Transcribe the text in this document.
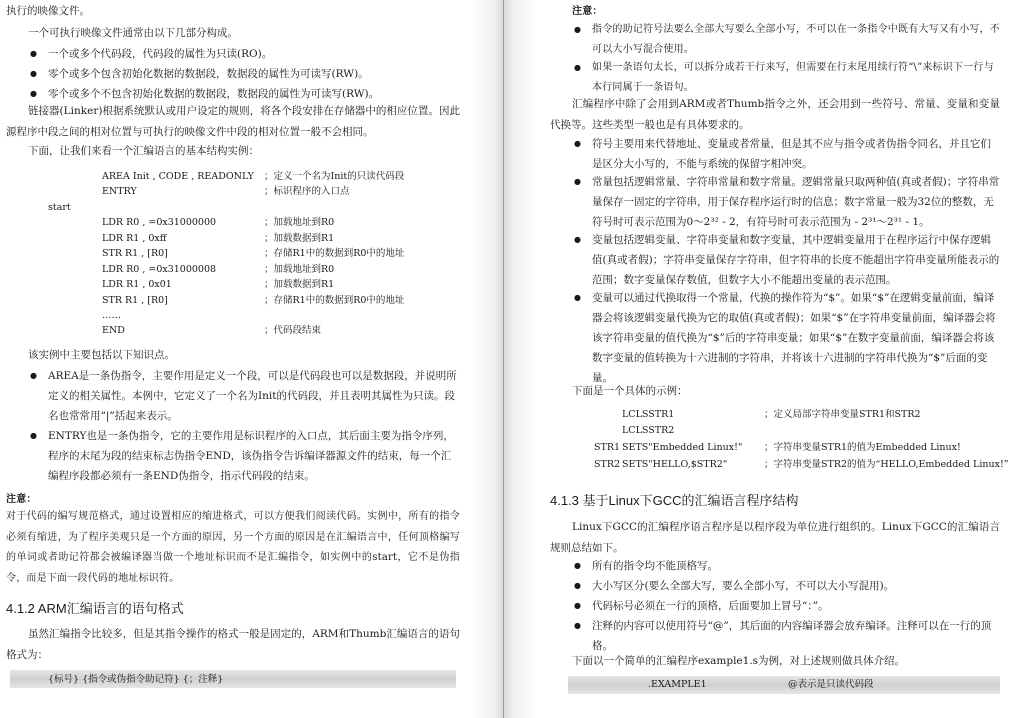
执行的映像文件。
一个可执行映像文件通常由以下几部分构成。
● 一个或多个代码段，代码段的属性为只读(RO)。
● 零个或多个包含初始化数据的数据段，数据段的属性为可读写(RW)。
● 零个或多个不包含初始化数据的数据段，数据段的属性为可读写(RW)。
链接器(Linker)根据系统默认或用户设定的规则，将各个段安排在存储器中的相应位置。因此源程序中段之间的相对位置与可执行的映像文件中段的相对位置一般不会相同。
下面，让我们来看一个汇编语言的基本结构实例：
AREA Init , CODE , READONLY ；定义一个名为Init的只读代码段
ENTRY	；标识程序的入口点
start
LDR R0 , =0x31000000	；加载地址到R0
LDR R1 , 0xff	；加载数据到R1
STR R1 , [R0]	；存储R1中的数据到R0中的地址
LDR R0 , =0x31000008	；加载地址到R0
LDR R1 , 0x01	；加载数据到R1
STR R1 , [R0]	；存储R1中的数据到R0中的地址
……
END	；代码段结束
该实例中主要包括以下知识点。
● AREA是一条伪指令，主要作用是定义一个段，可以是代码段也可以是数据段，并说明所定义的相关属性。本例中，它定义了一个名为Init的代码段，并且表明其属性为只读。段名也常常用“|”括起来表示。
● ENTRY也是一条伪指令，它的主要作用是标识程序的入口点，其后面主要为指令序列，程序的末尾为段的结束标志伪指令END，该伪指令告诉编译器源文件的结束，每一个汇编程序段都必须有一条END伪指令，指示代码段的结束。
注意：
对于代码的编写规范格式，通过设置相应的缩进格式，可以方便我们阅读代码。实例中，所有的指令必须有缩进，为了程序美观只是一个方面的原因，另一个方面的原因是在汇编语言中，任何顶格编写的单词或者助记符都会被编译器当做一个地址标识而不是汇编指令，如实例中的start，它不是伪指令，而是下面一段代码的地址标识符。
4.1.2 ARM汇编语言的语句格式
虽然汇编指令比较多，但是其指令操作的格式一般是固定的，ARM和Thumb汇编语言的语句格式为：
{标号} {指令或伪指令助记符} {；注释}
注意：
● 指令的助记符号法要么全部大写要么全部小写，不可以在一条指令中既有大写又有小写，不可以大小写混合使用。
● 如果一条语句太长，可以拆分成若干行来写，但需要在行末尾用续行符“\”来标识下一行与本行同属于一条语句。
汇编程序中除了会用到ARM或者Thumb指令之外，还会用到一些符号、常量、变量和变量代换等。这些类型一般也是有具体要求的。
● 符号主要用来代替地址、变量或者常量，但是其不应与指令或者伪指令同名，并且它们是区分大小写的，不能与系统的保留字相冲突。
● 常量包括逻辑常量、字符串常量和数字常量。逻辑常量只取两种值(真或者假)；字符串常量保存一固定的字符串，用于保存程序运行时的信息；数字常量一般为32位的整数，无符号时可表示范围为0～2³² - 2，有符号时可表示范围为 - 2³¹～2³¹ - 1。
● 变量包括逻辑变量、字符串变量和数字变量，其中逻辑变量用于在程序运行中保存逻辑值(真或者假)；字符串变量保存字符串，但字符串的长度不能超出字符串变量所能表示的范围；数字变量保存数值，但数字大小不能超出变量的表示范围。
● 变量可以通过代换取得一个常量，代换的操作符为“$”。如果“$”在逻辑变量前面，编译器会将该逻辑变量代换为它的取值(真或者假)；如果“$”在字符串变量前面，编译器会将该字符串变量的值代换为“$”后的字符串变量；如果“$”在数字变量前面，编译器会将该数字变量的值转换为十六进制的字符串，并将该十六进制的字符串代换为“$”后面的变量。
下面是一个具体的示例：
LCLSSTR1	；定义局部字符串变量STR1和STR2
LCLSSTR2
STR1 SETS"Embedded Linux!" ；字符串变量STR1的值为Embedded Linux!
STR2 SETS"HELLO,$STR2"	；字符串变量STR2的值为“HELLO,Embedded Linux!”
4.1.3 基于Linux下GCC的汇编语言程序结构
Linux下GCC的汇编程序语言程序是以程序段为单位进行组织的。Linux下GCC的汇编语言规则总结如下。
● 所有的指令均不能顶格写。
● 大小写区分(要么全部大写，要么全部小写，不可以大小写混用)。
● 代码标号必须在一行的顶格，后面要加上冒号“：”。
● 注释的内容可以使用符号“@”，其后面的内容编译器会放弃编译。注释可以在一行的顶格。
下面以一个简单的汇编程序example1.s为例，对上述规则做具体介绍。
.EXAMPLE1	@表示是只读代码段
